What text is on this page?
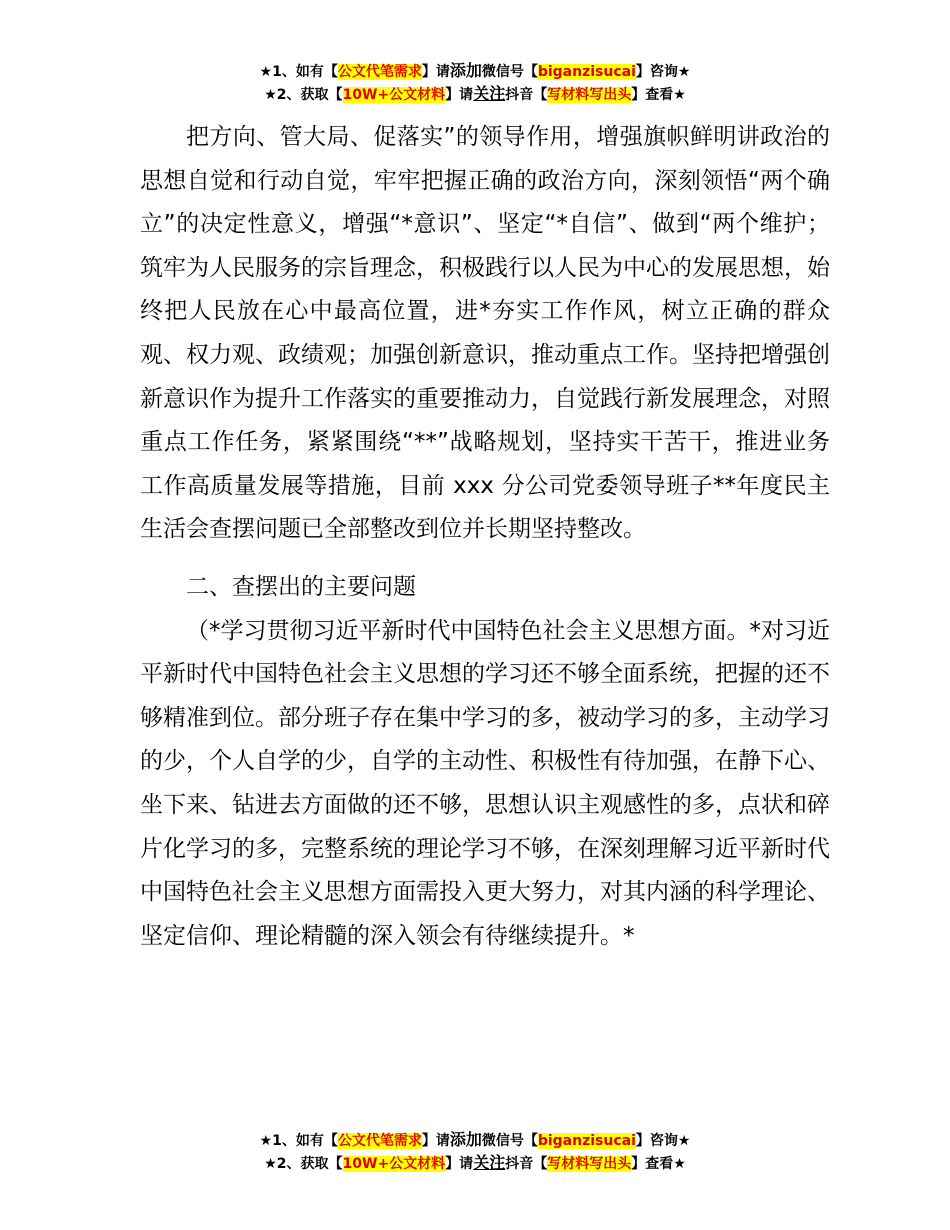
★1、如有【公文代笔需求】请添加微信号【biganzisucai】咨询★
★2、获取【10W+公文材料】请关注抖音【写材料写出头】查看★

把方向、管大局、促落实”的领导作用，增强旗帜鲜明讲政治的思想自觉和行动自觉，牢牢把握正确的政治方向，深刻领悟“两个确立”的决定性意义，增强“*意识”、坚定“*自信”、做到“两个维护；筑牢为人民服务的宗旨理念，积极践行以人民为中心的发展思想，始终把人民放在心中最高位置，进*夯实工作作风，树立正确的群众观、权力观、政绩观；加强创新意识，推动重点工作。坚持把增强创新意识作为提升工作落实的重要推动力，自觉践行新发展理念，对照重点工作任务，紧紧围绕“**”战略规划，坚持实干苦干，推进业务工作高质量发展等措施，目前 xxx 分公司党委领导班子**年度民主生活会查摆问题已全部整改到位并长期坚持整改。

二、查摆出的主要问题

（*学习贯彻习近平新时代中国特色社会主义思想方面。*对习近平新时代中国特色社会主义思想的学习还不够全面系统，把握的还不够精准到位。部分班子存在集中学习的多，被动学习的多，主动学习的少，个人自学的少，自学的主动性、积极性有待加强，在静下心、坐下来、钻进去方面做的还不够，思想认识主观感性的多，点状和碎片化学习的多，完整系统的理论学习不够，在深刻理解习近平新时代中国特色社会主义思想方面需投入更大努力，对其内涵的科学理论、坚定信仰、理论精髓的深入领会有待继续提升。*

★1、如有【公文代笔需求】请添加微信号【biganzisucai】咨询★
★2、获取【10W+公文材料】请关注抖音【写材料写出头】查看★
